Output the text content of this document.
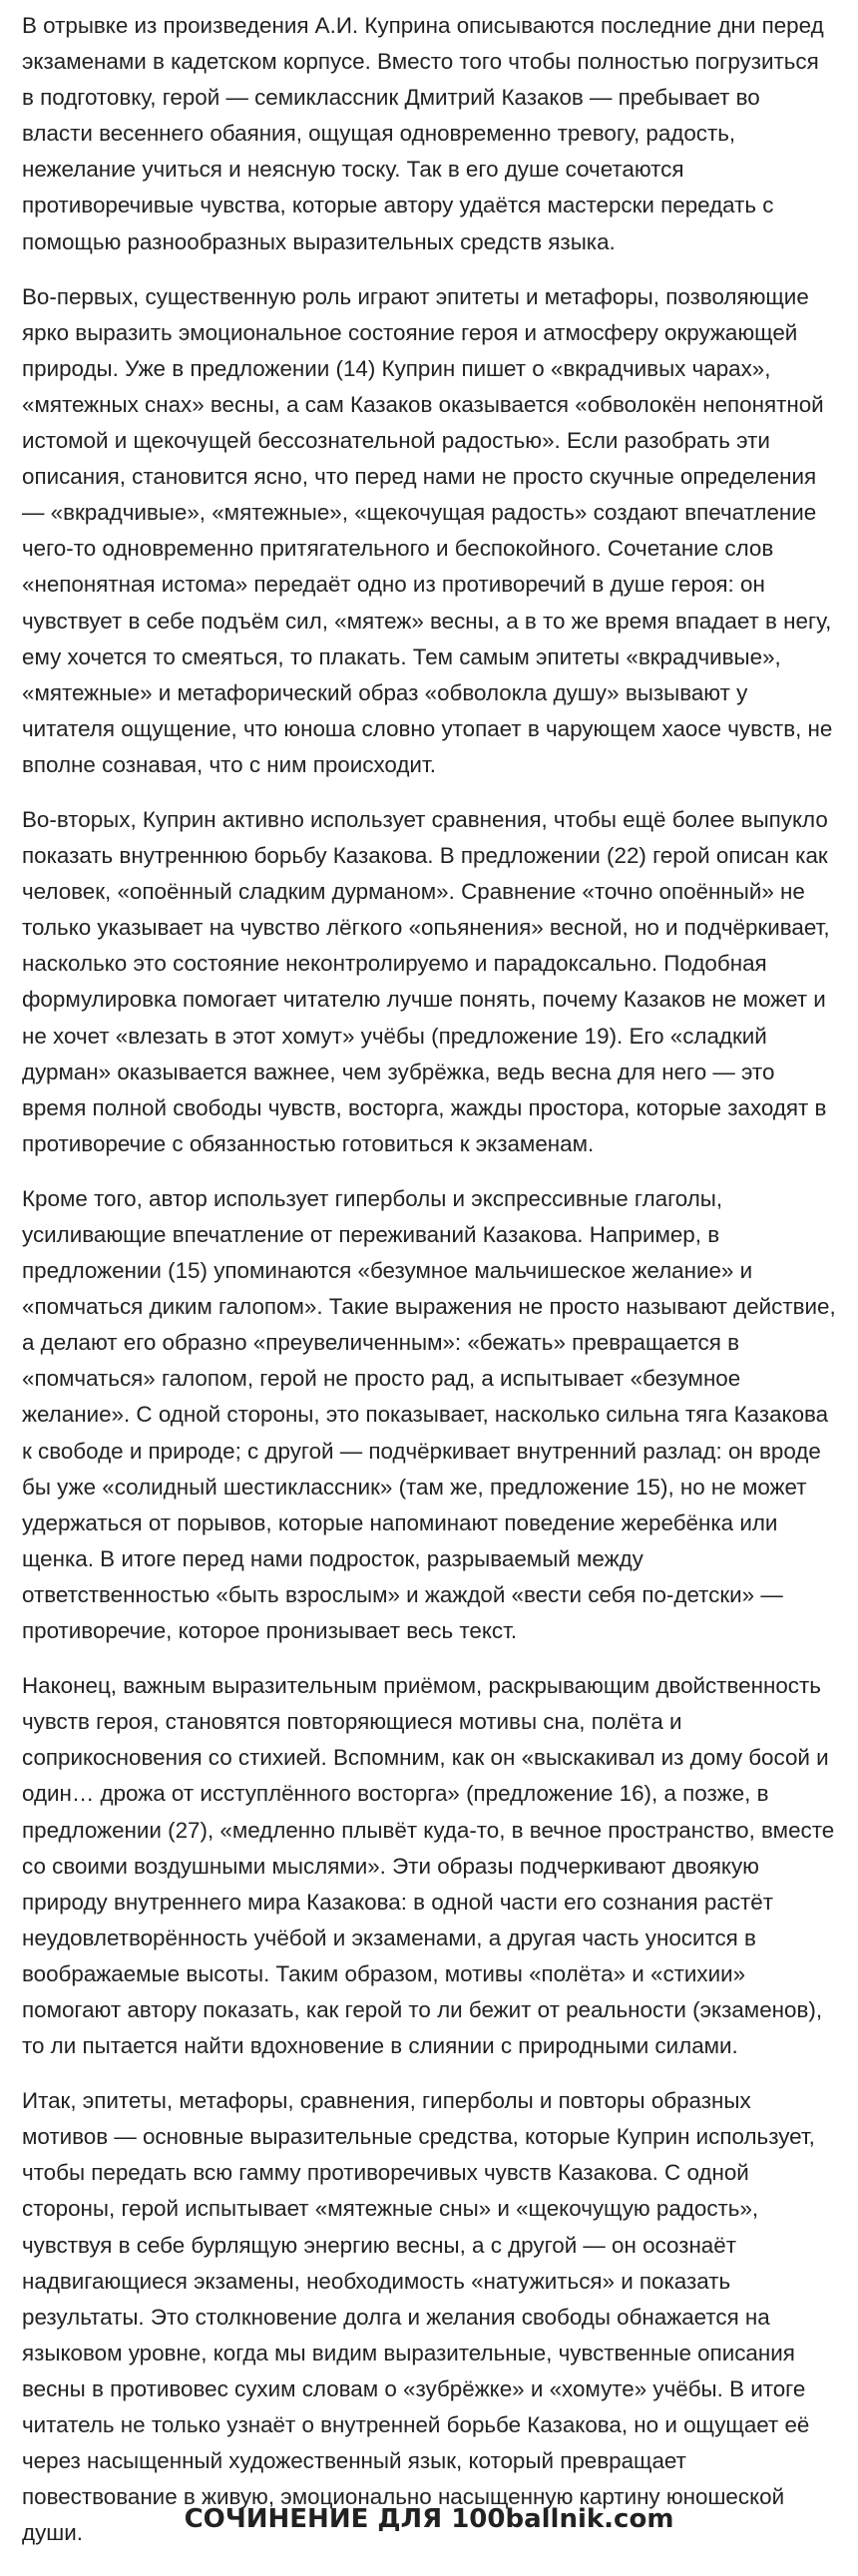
В отрывке из произведения А.И. Куприна описываются последние дни перед экзаменами в кадетском корпусе. Вместо того чтобы полностью погрузиться в подготовку, герой — семиклассник Дмитрий Казаков — пребывает во власти весеннего обаяния, ощущая одновременно тревогу, радость, нежелание учиться и неясную тоску. Так в его душе сочетаются противоречивые чувства, которые автору удаётся мастерски передать с помощью разнообразных выразительных средств языка.

Во-первых, существенную роль играют эпитеты и метафоры, позволяющие ярко выразить эмоциональное состояние героя и атмосферу окружающей природы. Уже в предложении (14) Куприн пишет о «вкрадчивых чарах», «мятежных снах» весны, а сам Казаков оказывается «обволокён непонятной истомой и щекочущей бессознательной радостью». Если разобрать эти описания, становится ясно, что перед нами не просто скучные определения — «вкрадчивые», «мятежные», «щекочущая радость» создают впечатление чего-то одновременно притягательного и беспокойного. Сочетание слов «непонятная истома» передаёт одно из противоречий в душе героя: он чувствует в себе подъём сил, «мятеж» весны, а в то же время впадает в негу, ему хочется то смеяться, то плакать. Тем самым эпитеты «вкрадчивые», «мятежные» и метафорический образ «обволокла душу» вызывают у читателя ощущение, что юноша словно утопает в чарующем хаосе чувств, не вполне сознавая, что с ним происходит.

Во-вторых, Куприн активно использует сравнения, чтобы ещё более выпукло показать внутреннюю борьбу Казакова. В предложении (22) герой описан как человек, «опоённый сладким дурманом». Сравнение «точно опоённый» не только указывает на чувство лёгкого «опьянения» весной, но и подчёркивает, насколько это состояние неконтролируемо и парадоксально. Подобная формулировка помогает читателю лучше понять, почему Казаков не может и не хочет «влезать в этот хомут» учёбы (предложение 19). Его «сладкий дурман» оказывается важнее, чем зубрёжка, ведь весна для него — это время полной свободы чувств, восторга, жажды простора, которые заходят в противоречие с обязанностью готовиться к экзаменам.

Кроме того, автор использует гиперболы и экспрессивные глаголы, усиливающие впечатление от переживаний Казакова. Например, в предложении (15) упоминаются «безумное мальчишеское желание» и «помчаться диким галопом». Такие выражения не просто называют действие, а делают его образно «преувеличенным»: «бежать» превращается в «помчаться» галопом, герой не просто рад, а испытывает «безумное желание». С одной стороны, это показывает, насколько сильна тяга Казакова к свободе и природе; с другой — подчёркивает внутренний разлад: он вроде бы уже «солидный шестиклассник» (там же, предложение 15), но не может удержаться от порывов, которые напоминают поведение жеребёнка или щенка. В итоге перед нами подросток, разрываемый между ответственностью «быть взрослым» и жаждой «вести себя по-детски» — противоречие, которое пронизывает весь текст.

Наконец, важным выразительным приёмом, раскрывающим двойственность чувств героя, становятся повторяющиеся мотивы сна, полёта и соприкосновения со стихией. Вспомним, как он «выскакивал из дому босой и один… дрожа от исступлённого восторга» (предложение 16), а позже, в предложении (27), «медленно плывёт куда-то, в вечное пространство, вместе со своими воздушными мыслями». Эти образы подчеркивают двоякую природу внутреннего мира Казакова: в одной части его сознания растёт неудовлетворённость учёбой и экзаменами, а другая часть уносится в воображаемые высоты. Таким образом, мотивы «полёта» и «стихии» помогают автору показать, как герой то ли бежит от реальности (экзаменов), то ли пытается найти вдохновение в слиянии с природными силами.

Итак, эпитеты, метафоры, сравнения, гиперболы и повторы образных мотивов — основные выразительные средства, которые Куприн использует, чтобы передать всю гамму противоречивых чувств Казакова. С одной стороны, герой испытывает «мятежные сны» и «щекочущую радость», чувствуя в себе бурлящую энергию весны, а с другой — он осознаёт надвигающиеся экзамены, необходимость «натужиться» и показать результаты. Это столкновение долга и желания свободы обнажается на языковом уровне, когда мы видим выразительные, чувственные описания весны в противовес сухим словам о «зубрёжке» и «хомуте» учёбы. В итоге читатель не только узнаёт о внутренней борьбе Казакова, но и ощущает её через насыщенный художественный язык, который превращает повествование в живую, эмоционально насыщенную картину юношеской души.	СОЧИНЕНИЕ ДЛЯ 100ballnik.com
